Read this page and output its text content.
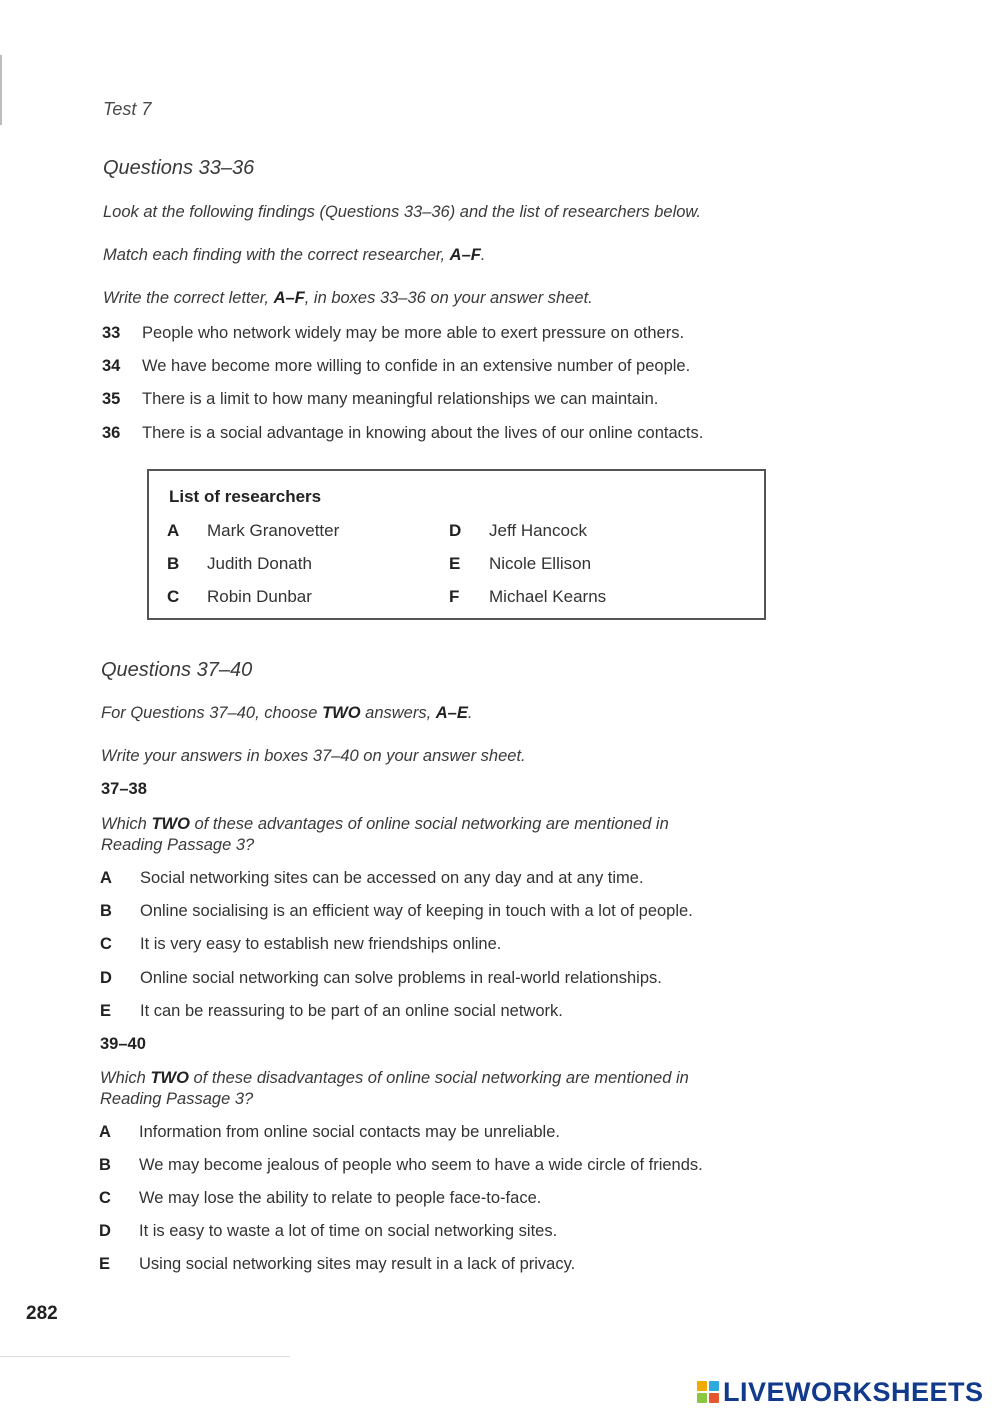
Test 7
Questions 33–36
Look at the following findings (Questions 33–36) and the list of researchers below.
Match each finding with the correct researcher, A–F.
Write the correct letter, A–F, in boxes 33–36 on your answer sheet.
33 People who network widely may be more able to exert pressure on others.
34 We have become more willing to confide in an extensive number of people.
35 There is a limit to how many meaningful relationships we can maintain.
36 There is a social advantage in knowing about the lives of our online contacts.
List of researchers
A Mark Granovetter
B Judith Donath
C Robin Dunbar
D Jeff Hancock
E Nicole Ellison
F Michael Kearns
Questions 37–40
For Questions 37–40, choose TWO answers, A–E.
Write your answers in boxes 37–40 on your answer sheet.
37–38
Which TWO of these advantages of online social networking are mentioned in
Reading Passage 3?
A Social networking sites can be accessed on any day and at any time.
B Online socialising is an efficient way of keeping in touch with a lot of people.
C It is very easy to establish new friendships online.
D Online social networking can solve problems in real-world relationships.
E It can be reassuring to be part of an online social network.
39–40
Which TWO of these disadvantages of online social networking are mentioned in
Reading Passage 3?
A Information from online social contacts may be unreliable.
B We may become jealous of people who seem to have a wide circle of friends.
C We may lose the ability to relate to people face-to-face.
D It is easy to waste a lot of time on social networking sites.
E Using social networking sites may result in a lack of privacy.
282
LIVEWORKSHEETS
